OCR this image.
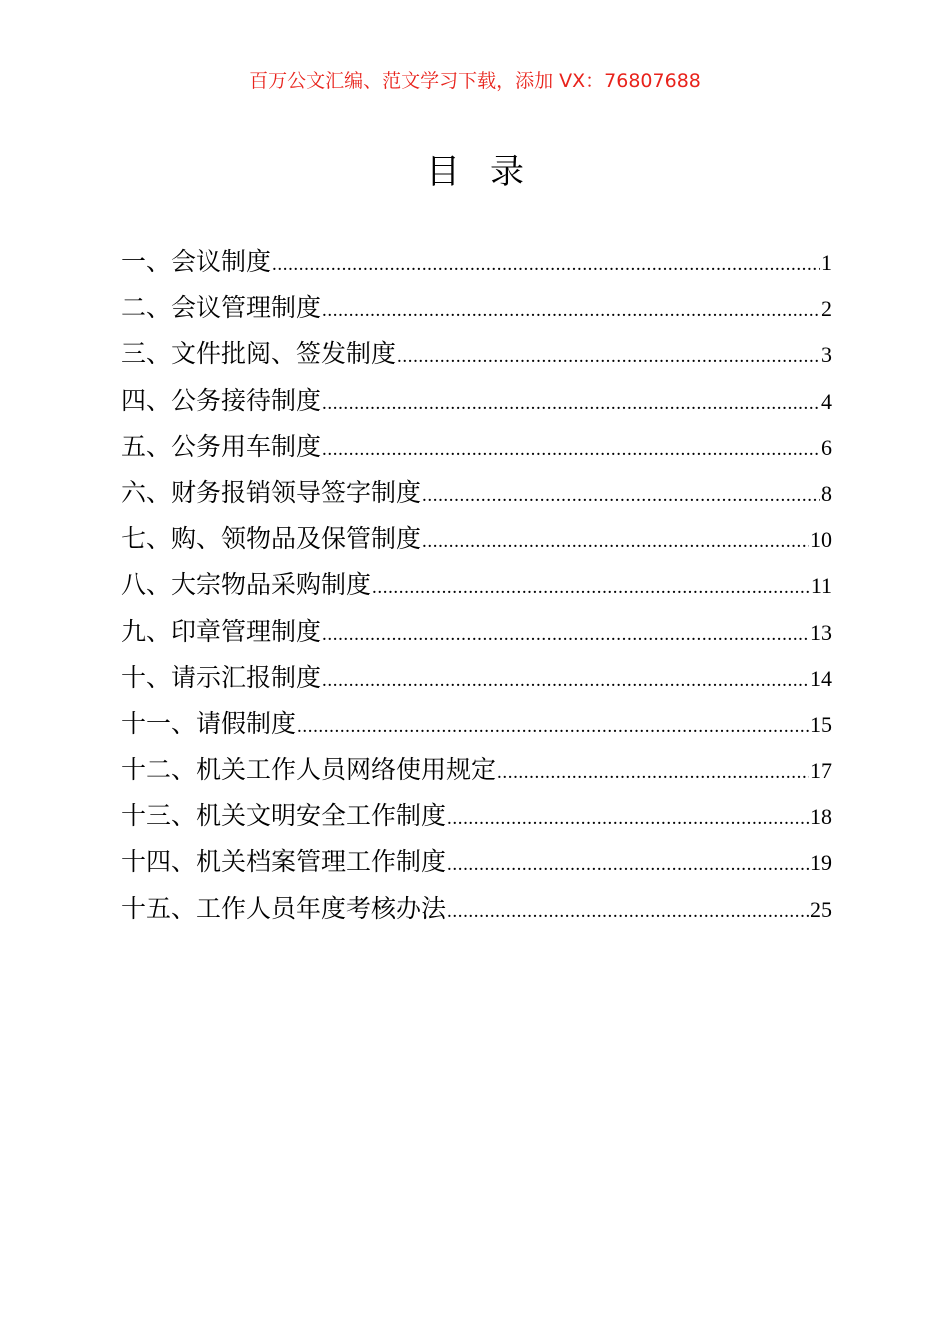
百万公文汇编、范文学习下载，添加 VX：76807688
目 录
一、会议制度 .....	1
二、会议管理制度 .....	2
三、文件批阅、签发制度 .....	3
四、公务接待制度 .....	4
五、公务用车制度 .....	6
六、财务报销领导签字制度 .....	8
七、购、领物品及保管制度 .....	10
八、大宗物品采购制度 .....	11
九、印章管理制度 .....	13
十、请示汇报制度 .....	14
十一、请假制度 .....	15
十二、机关工作人员网络使用规定 .....	17
十三、机关文明安全工作制度 .....	18
十四、机关档案管理工作制度 .....	19
十五、工作人员年度考核办法 .....	25
